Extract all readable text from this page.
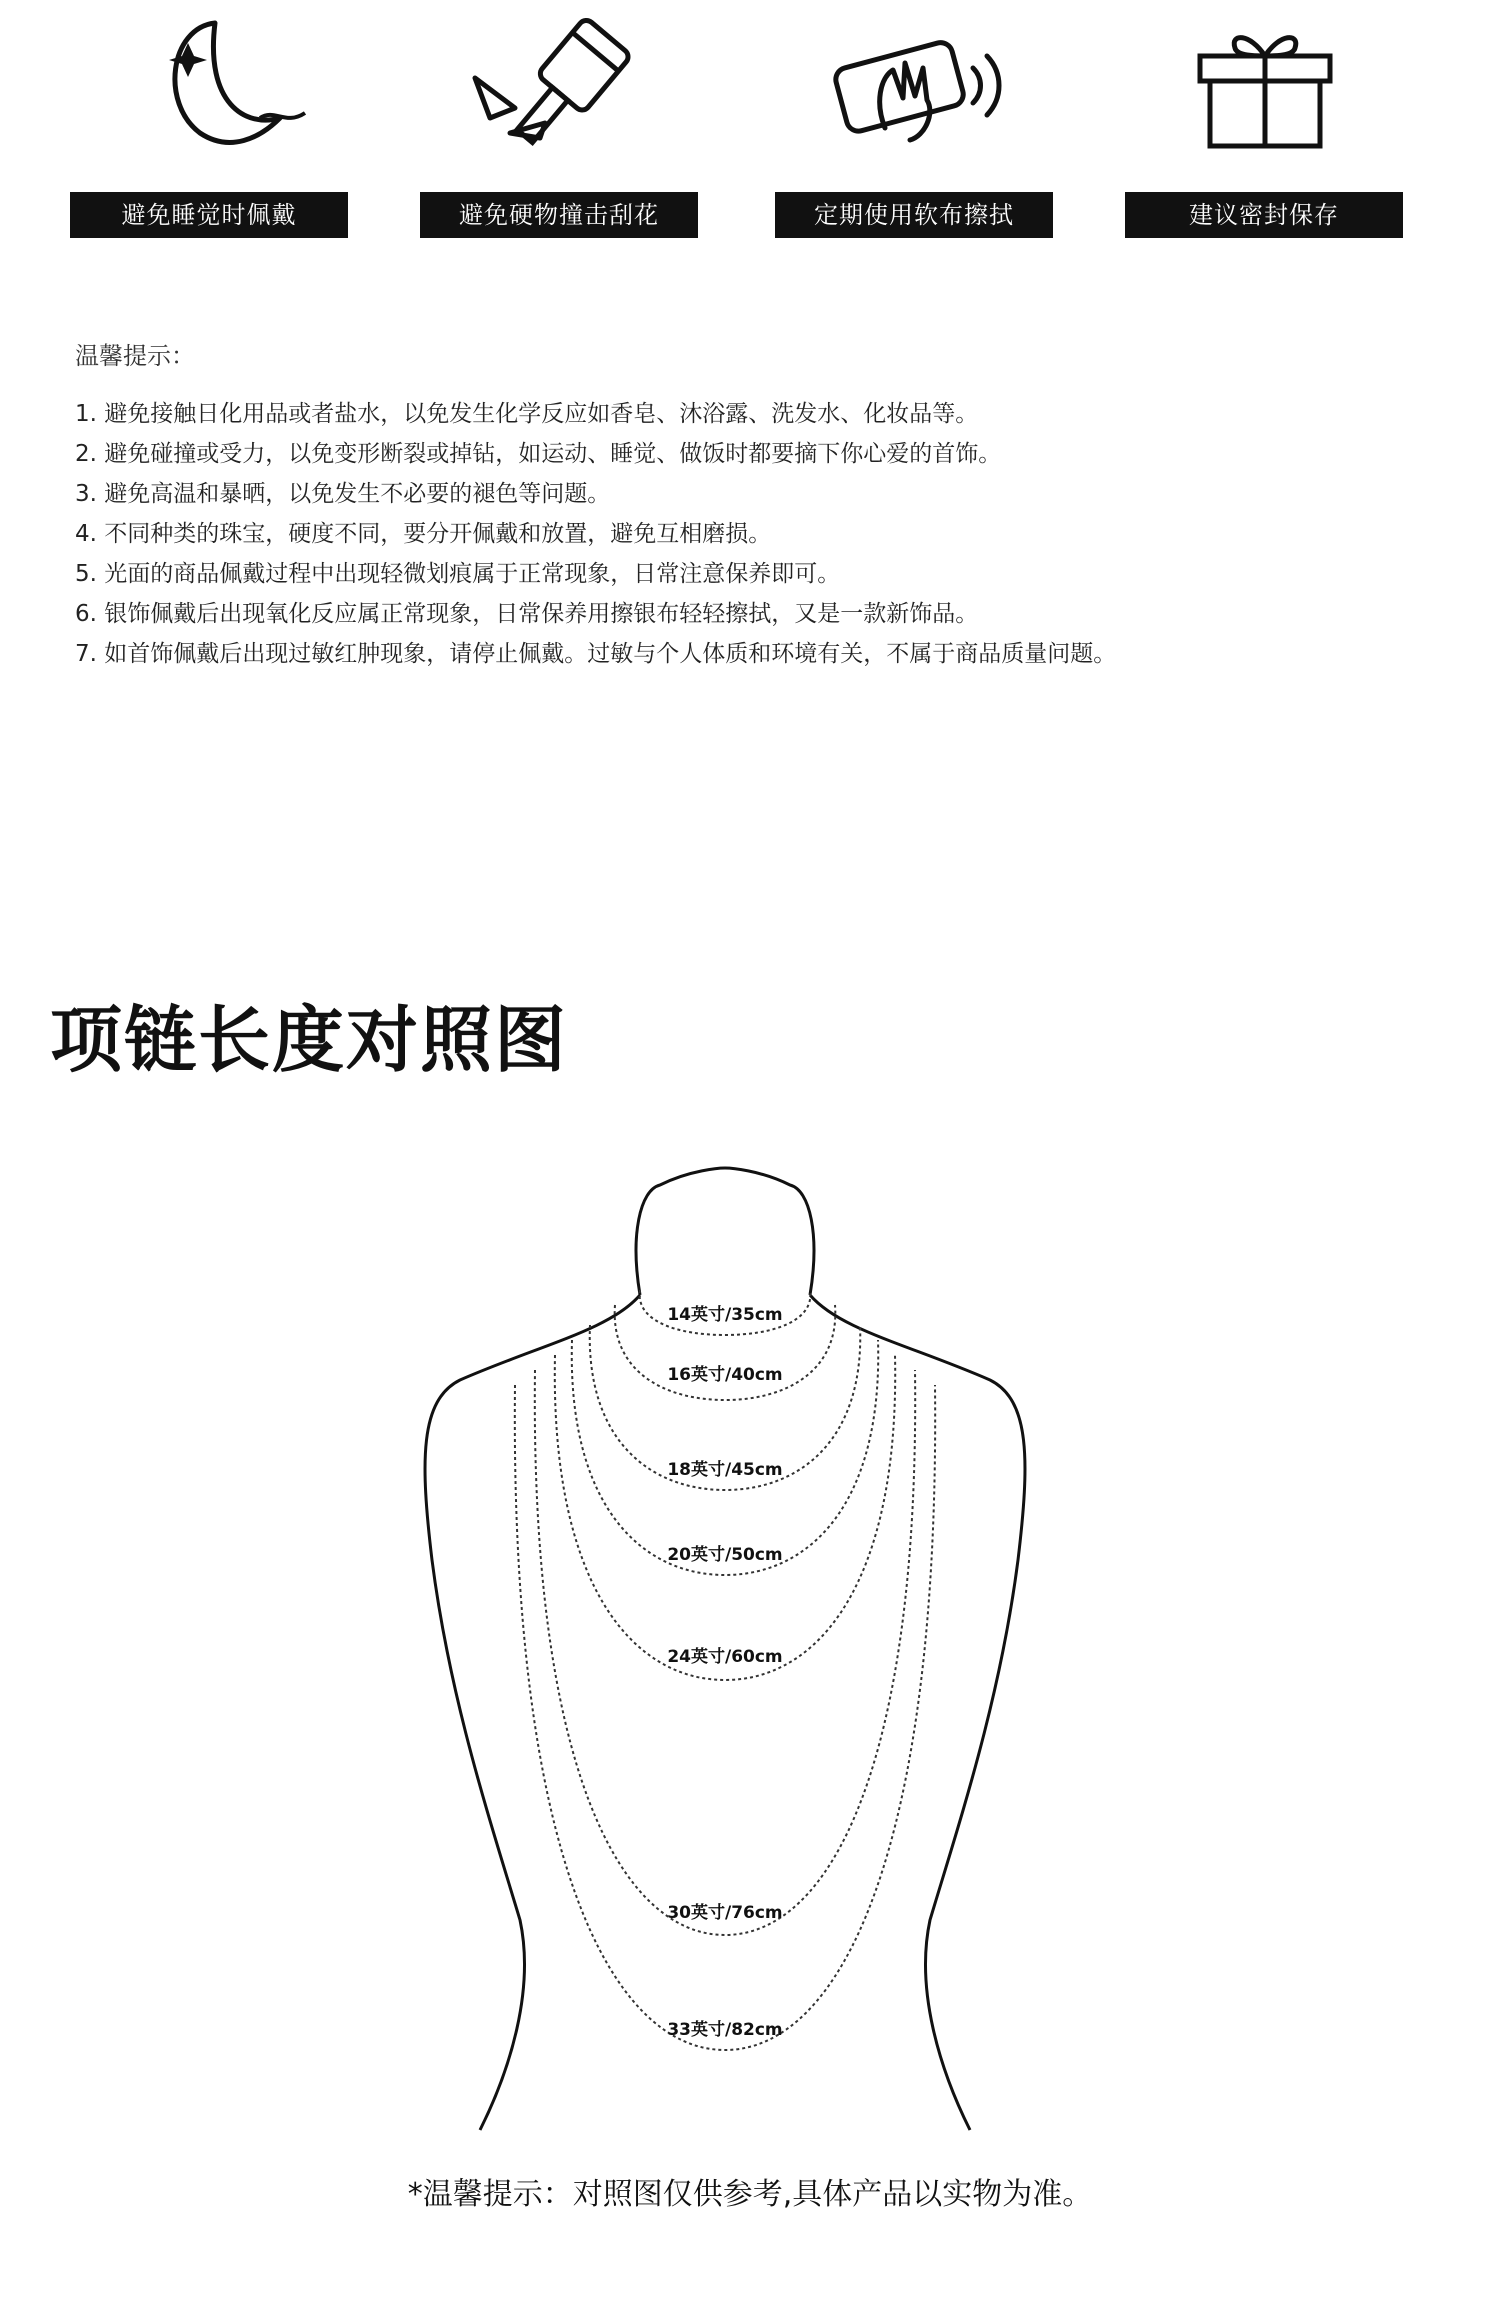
避免睡觉时佩戴	避免硬物撞击刮花	定期使用软布擦拭	建议密封保存
温馨提示：
1. 避免接触日化用品或者盐水，以免发生化学反应如香皂、沐浴露、洗发水、化妆品等。
2. 避免碰撞或受力，以免变形断裂或掉钻，如运动、睡觉、做饭时都要摘下你心爱的首饰。
3. 避免高温和暴晒，以免发生不必要的褪色等问题。
4. 不同种类的珠宝，硬度不同，要分开佩戴和放置，避免互相磨损。
5. 光面的商品佩戴过程中出现轻微划痕属于正常现象，日常注意保养即可。
6. 银饰佩戴后出现氧化反应属正常现象，日常保养用擦银布轻轻擦拭，又是一款新饰品。
7. 如首饰佩戴后出现过敏红肿现象，请停止佩戴。过敏与个人体质和环境有关，不属于商品质量问题。
项链长度对照图
14英寸/35cm
16英寸/40cm
18英寸/45cm
20英寸/50cm
24英寸/60cm
30英寸/76cm
33英寸/82cm
*温馨提示：对照图仅供参考,具体产品以实物为准。
